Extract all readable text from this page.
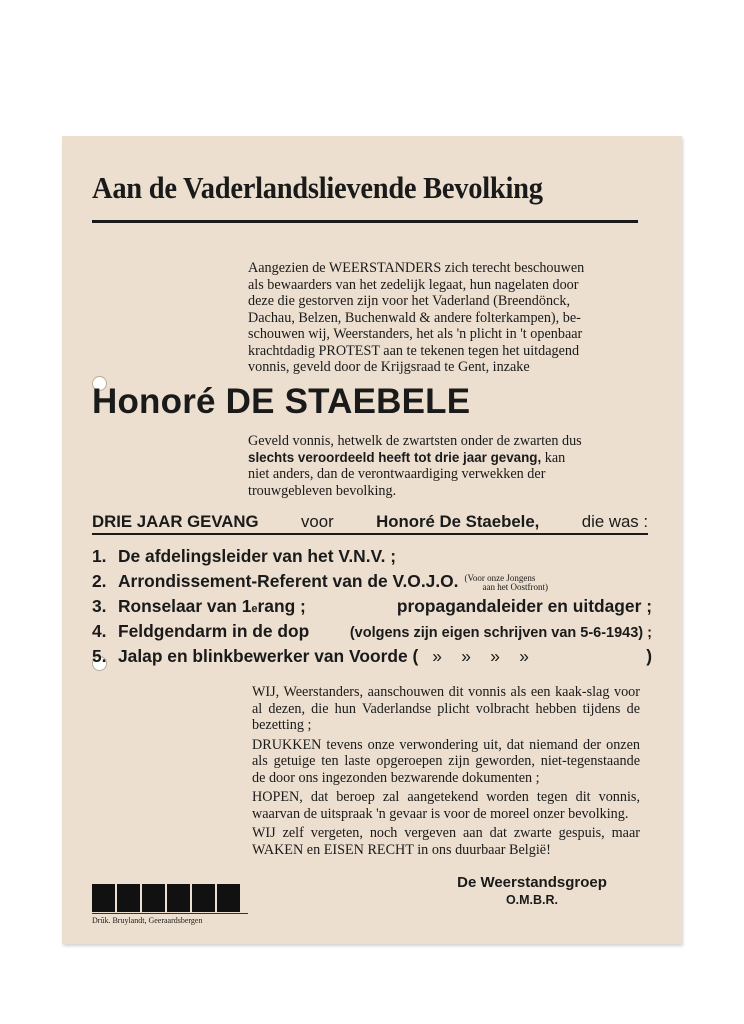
Aan de Vaderlandslievende Bevolking
Aangezien de WEERSTANDERS zich terecht beschouwen
als bewaarders van het zedelijk legaat, hun nagelaten door
deze die gestorven zijn voor het Vaderland (Breendönck,
Dachau, Belzen, Buchenwald & andere folterkampen), be-
schouwen wij, Weerstanders, het als 'n plicht in 't openbaar
krachtdadig PROTEST aan te tekenen tegen het uitdagend
vonnis, geveld door de Krijgsraad te Gent, inzake
Honoré DE STAEBELE
Geveld vonnis, hetwelk de zwartsten onder de zwarten dus
slechts veroordeeld heeft tot drie jaar gevang, kan
niet anders, dan de verontwaardiging verwekken der
trouwgebleven bevolking.
DRIE JAAR GEVANG	voor	Honoré De Staebele,	die was :
1. De afdelingsleider van het V.N.V. ;
2. Arrondissement-Referent van de V.O.J.O. (Voor onze Jongens
aan het Oostfront)
3. Ronselaar van 1 e rang ;	propagandaleider en uitdager ;
4. Feldgendarm in de dop	(volgens zijn eigen schrijven van 5-6-1943) ;
5. Jalap en blinkbewerker van Voorde ( »    »    »    »	)

WIJ, Weerstanders, aanschouwen dit vonnis als een kaak-slag voor al dezen, die hun Vaderlandse plicht volbracht hebben tijdens de bezetting ;

DRUKKEN tevens onze verwondering uit, dat niemand der onzen als getuige ten laste opgeroepen zijn geworden, niet-tegenstaande de door ons ingezonden bezwarende dokumenten ;

HOPEN, dat beroep zal aangetekend worden tegen dit vonnis, waarvan de uitspraak 'n gevaar is voor de moreel onzer bevolking.

WIJ zelf vergeten, noch vergeven aan dat zwarte gespuis, maar WAKEN en EISEN RECHT in ons duurbaar België!

Drūk. Bruylandt, Geeraardsbergen
De Weerstandsgroep
O.M.B.R.
